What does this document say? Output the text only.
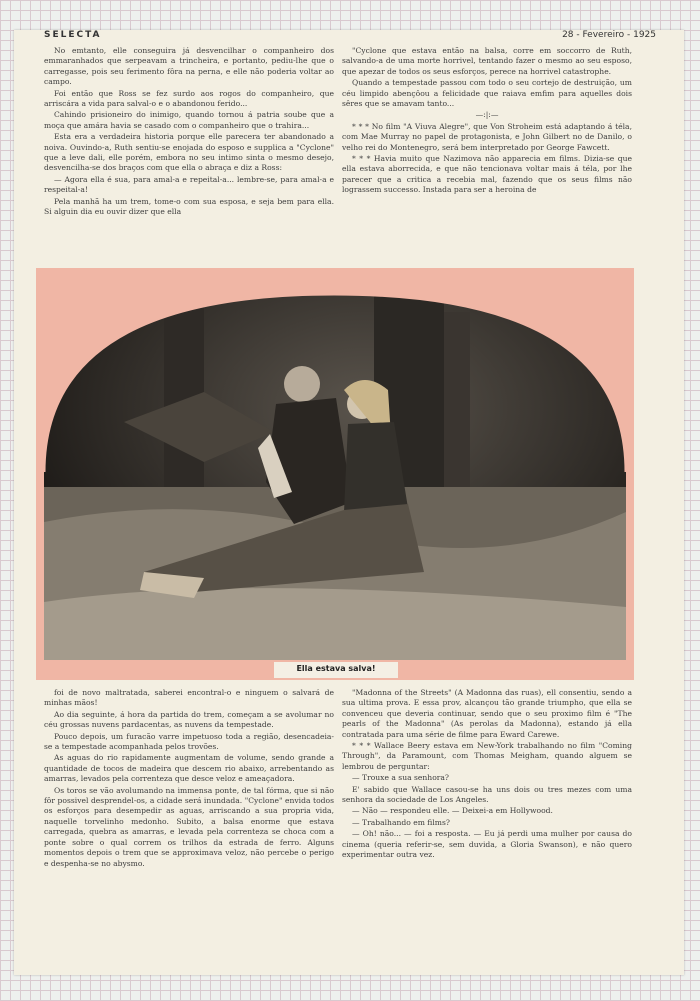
SELECTA	28 - Fevereiro - 1925

No emtanto, elle conseguira já desvencilhar o companheiro dos emmaranhados que serpeavam a trincheira, e portanto, pediu-lhe que o carregasse, pois seu ferimento fôra na perna, e elle não poderia voltar ao campo.

Foi então que Ross se fez surdo aos rogos do companheiro, que arriscára a vida para salval-o e o abandonou ferido...

Cahindo prisioneiro do inimigo, quando tornou á patria soube que a moça que amára havia se casado com o companheiro que o trahira...

Esta era a verdadeira historia porque elle parecera ter abandonado a noiva. Ouvindo-a, Ruth sentiu-se enojada do esposo e supplica a "Cyclone" que a leve dali, elle porém, embora no seu intimo sinta o mesmo desejo, desvencilha-se dos braços com que ella o abraça e diz a Ross:

— Agora ella é sua, para amal-a e repeital-a... lembre-se, para amal-a e respeital-a!

Pela manhã ha um trem, tome-o com sua esposa, e seja bem para ella. Si alguin dia eu ouvir dizer que ella

"Cyclone que estava então na balsa, corre em soccorro de Ruth, salvando-a de uma morte horrivel, tentando fazer o mesmo ao seu esposo, que apezar de todos os seus esforços, perece na horrivel catastrophe.

Quando a tempestade passou com todo o seu cortejo de destruição, um céu limpido abençôou a felicidade que raiava emfim para aquelles dois sêres que se amavam tanto...

—:|:—

* * * No film "A Viuva Alegre", que Von Stroheim está adaptando á téla, com Mae Murray no papel de protagonista, e John Gilbert no de Danilo, o velho rei do Montenegro, será bem interpretado por George Fawcett.

* * * Havia muito que Nazimova não apparecia em films. Dizia-se que ella estava aborrecida, e que não tencionava voltar mais á téla, por lhe parecer que a critica a recebia mal, fazendo que os seus films não lograssem successo. Instada para ser a heroina de

Ella estava salva!

foi de novo maltratada, saberei encontral-o e ninguem o salvará de minhas mãos!

Ao dia seguinte, á hora da partida do trem, começam a se avolumar no céu grossas nuvens pardacentas, as nuvens da tempestade.

Pouco depois, um furacão varre impetuoso toda a região, desencadeia-se a tempestade acompanhada pelos trovões.

As aguas do rio rapidamente augmentam de volume, sendo grande a quantidade de tocos de madeira que descem rio abaixo, arrebentando as amarras, levados pela correnteza que desce veloz e ameaçadora.

Os toros se vão avolumando na immensa ponte, de tal fórma, que si não fôr possivel desprendel-os, a cidade será inundada. "Cyclone" envida todos os esforços para desempedir as aguas, arriscando a sua propria vida, naquelle torvelinho medonho. Subito, a balsa enorme que estava carregada, quebra as amarras, e levada pela correnteza se choca com a ponte sobre o qual correm os trilhos da estrada de ferro. Alguns momentos depois o trem que se approximava veloz, não percebe o perigo e despenha-se no abysmo.

"Madonna of the Streets" (A Madonna das ruas), ell consentiu, sendo a sua ultima prova. E essa prov, alcançou tão grande triumpho, que ella se convenceu que deveria continuar, sendo que o seu proximo film é "The pearls of the Madonna" (As perolas da Madonna), estando já ella contratada para uma série de filme para Eward Carewe.

* * * Wallace Beery estava em New-York trabalhando no film "Coming Through", da Paramount, com Thomas Meigham, quando alguem se lembrou de perguntar:

— Trouxe a sua senhora?

E' sabido que Wallace casou-se ha uns dois ou tres mezes com uma senhora da sociedade de Los Angeles.

— Não — respondeu elle. — Deixei-a em Hollywood.

— Trabalhando em films?

— Oh! não... — foi a resposta. — Eu já perdi uma mulher por causa do cinema (queria referir-se, sem duvida, a Gloria Swanson), e não quero experimentar outra vez.
